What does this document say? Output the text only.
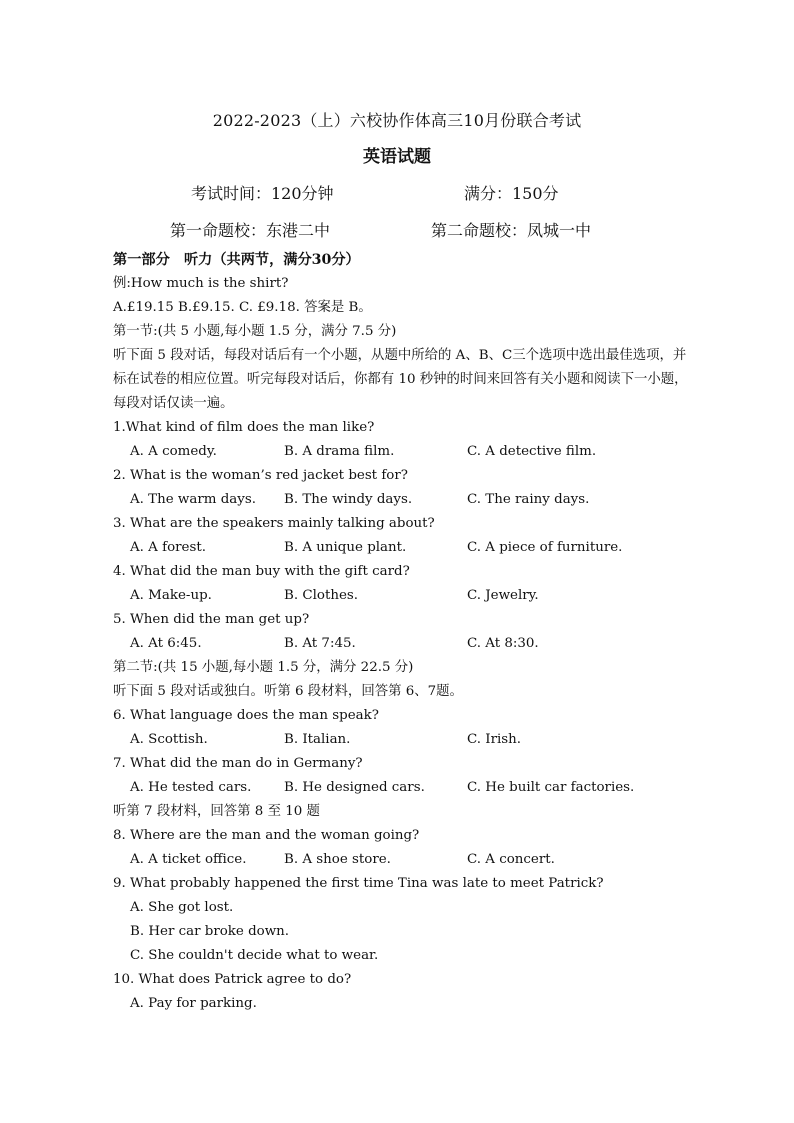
2022-2023（上）六校协作体高三10月份联合考试
英语试题
考试时间：120分钟	满分：150分
第一命题校：东港二中	第二命题校：凤城一中
第一部分　听力（共两节，满分30分）
例:How much is the shirt?
A.£19.15 B.£9.15. C. £9.18. 答案是 B。
第一节:(共 5 小题,每小题 1.5 分，满分 7.5 分)
听下面 5 段对话，每段对话后有一个小题，从题中所给的 A、B、C三个选项中选出最佳选项，并标在试卷的相应位置。听完每段对话后，你都有 10 秒钟的时间来回答有关小题和阅读下一小题，每段对话仅读一遍。
1.What kind of film does the man like?
A. A comedy.	B. A drama film.	C. A detective film.
2. What is the woman’s red jacket best for?
A. The warm days.	B. The windy days.	C. The rainy days.
3. What are the speakers mainly talking about?
A. A forest.	B. A unique plant.	C. A piece of furniture.
4. What did the man buy with the gift card?
A. Make-up.	B. Clothes.	C. Jewelry.
5. When did the man get up?
A. At 6:45.	B. At 7:45.	C. At 8:30.
第二节:(共 15 小题,每小题 1.5 分，满分 22.5 分)
听下面 5 段对话或独白。听第 6 段材料，回答第 6、7题。
6. What language does the man speak?
A. Scottish.	B. Italian.	C. Irish.
7. What did the man do in Germany?
A. He tested cars.	B. He designed cars.	C. He built car factories.
听第 7 段材料，回答第 8 至 10 题
8. Where are the man and the woman going?
A. A ticket office.	B. A shoe store.	C. A concert.
9. What probably happened the first time Tina was late to meet Patrick?
A. She got lost.
B. Her car broke down.
C. She couldn't decide what to wear.
10. What does Patrick agree to do?
A. Pay for parking.
